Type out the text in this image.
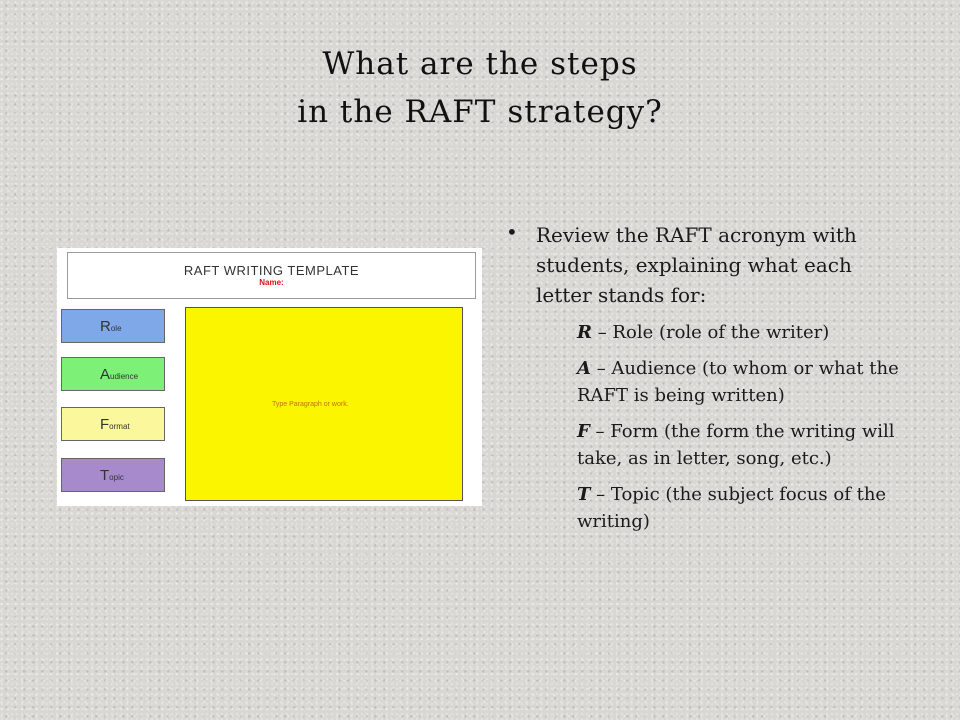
What are the steps
in the RAFT strategy?
RAFT WRITING TEMPLATE
Name:
R ole
A udience
F ormat
T opic
Type Paragraph or work.
• Review the RAFT acronym with students, explaining what each letter stands for:
R – Role (role of the writer)
A – Audience (to whom or what the RAFT is being written)
F – Form (the form the writing will take, as in letter, song, etc.)
T – Topic (the subject focus of the writing)
